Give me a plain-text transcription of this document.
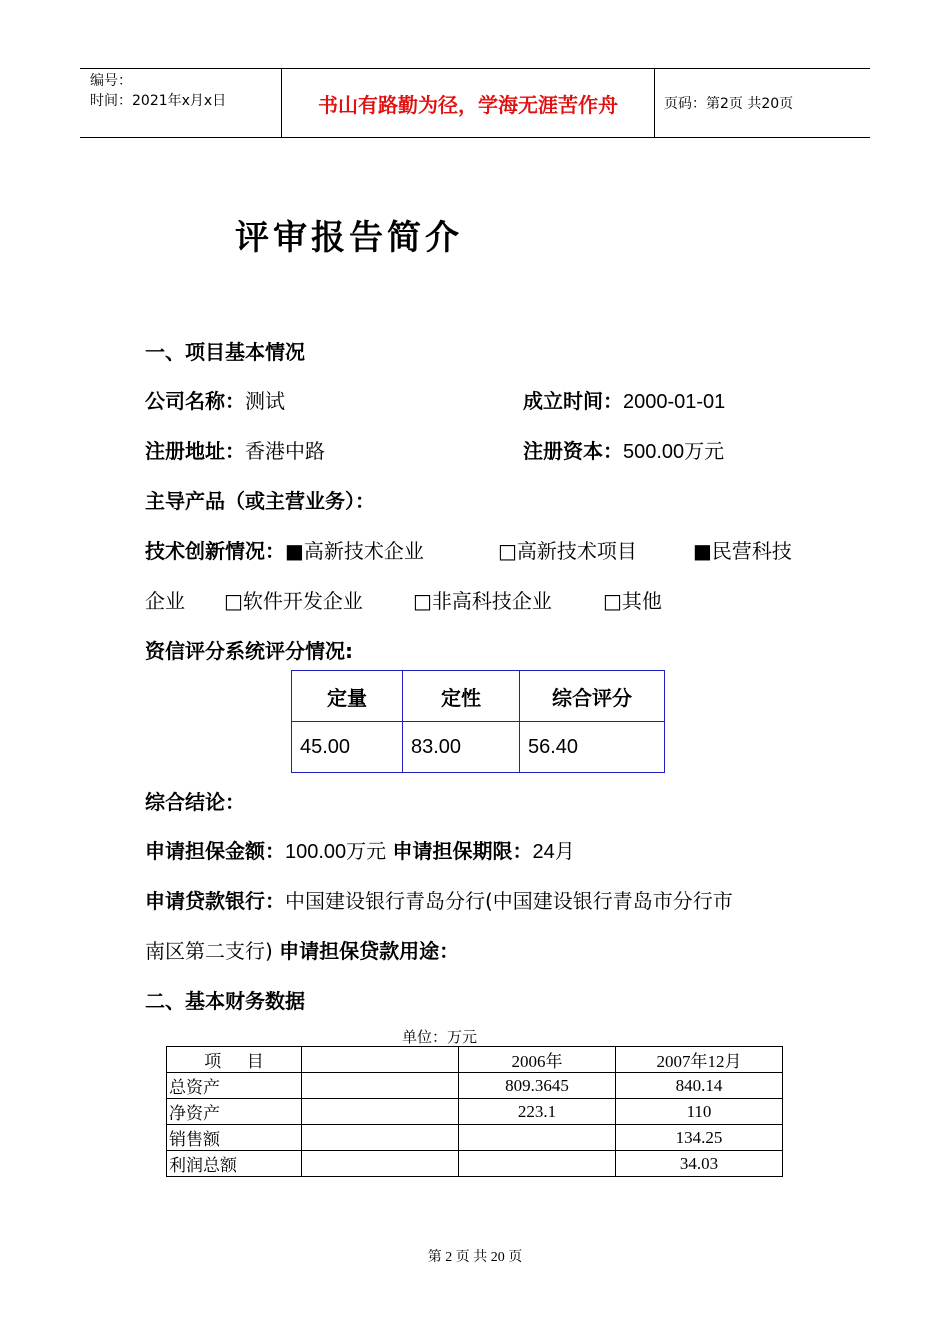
编号：
时间：2021年x月x日	书山有路勤为径，学海无涯苦作舟	页码：第2页 共20页
评审报告简介
一、项目基本情况
公司名称：测试	成立时间：2000-01-01
注册地址：香港中路	注册资本：500.00万元
主导产品（或主营业务）：
技术创新情况：■高新技术企业	□高新技术项目	■民营科技
企业 □软件开发企业	□非高科技企业	□其他
资信评分系统评分情况:
定量	定性	综合评分
45.00	83.00	56.40
综合结论：
申请担保金额：100.00万元 申请担保期限：24月
申请贷款银行：中国建设银行青岛分行(中国建设银行青岛市分行市
南区第二支行) 申请担保贷款用途：
二、基本财务数据
单位：万元
项      目		2006年	2007年12月
总资产		809.3645	840.14
净资产		223.1	110
销售额			134.25
利润总额			34.03
第 2 页 共 20 页
